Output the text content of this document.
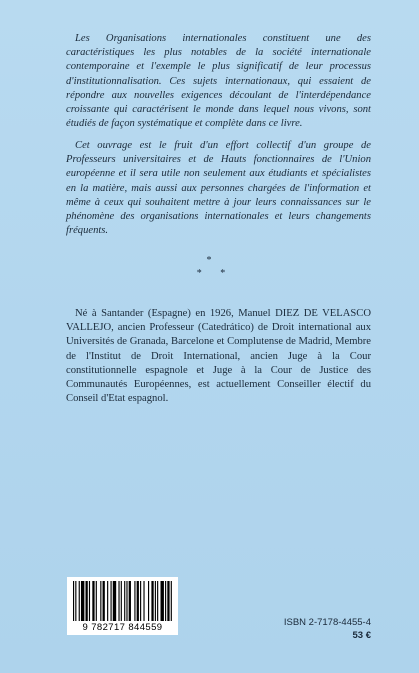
Les Organisations internationales constituent une des caractéristiques les plus notables de la société internationale contemporaine et l'exemple le plus significatif de leur processus d'institutionnalisation. Ces sujets internationaux, qui essaient de répondre aux nouvelles exigences découlant de l'interdépendance croissante qui caractérisent le monde dans lequel nous vivons, sont étudiés de façon systématique et complète dans ce livre.

Cet ouvrage est le fruit d'un effort collectif d'un groupe de Professeurs universitaires et de Hauts fonctionnaires de l'Union européenne et il sera utile non seulement aux étudiants et spécialistes en la matière, mais aussi aux personnes chargées de l'information et même à ceux qui souhaitent mettre à jour leurs connaissances sur le phénomène des organisations internationales et leurs changements fréquents.

*
* *

Né à Santander (Espagne) en 1926, Manuel DIEZ DE VELASCO VALLEJO, ancien Professeur (Catedrático) de Droit international aux Universités de Granada, Barcelone et Complutense de Madrid, Membre de l'Institut de Droit International, ancien Juge à la Cour constitutionnelle espagnole et Juge à la Cour de Justice des Communautés Européennes, est actuellement Conseiller électif du Conseil d'Etat espagnol.

9 782717 844559	ISBN 2-7178-4455-4
53 €
